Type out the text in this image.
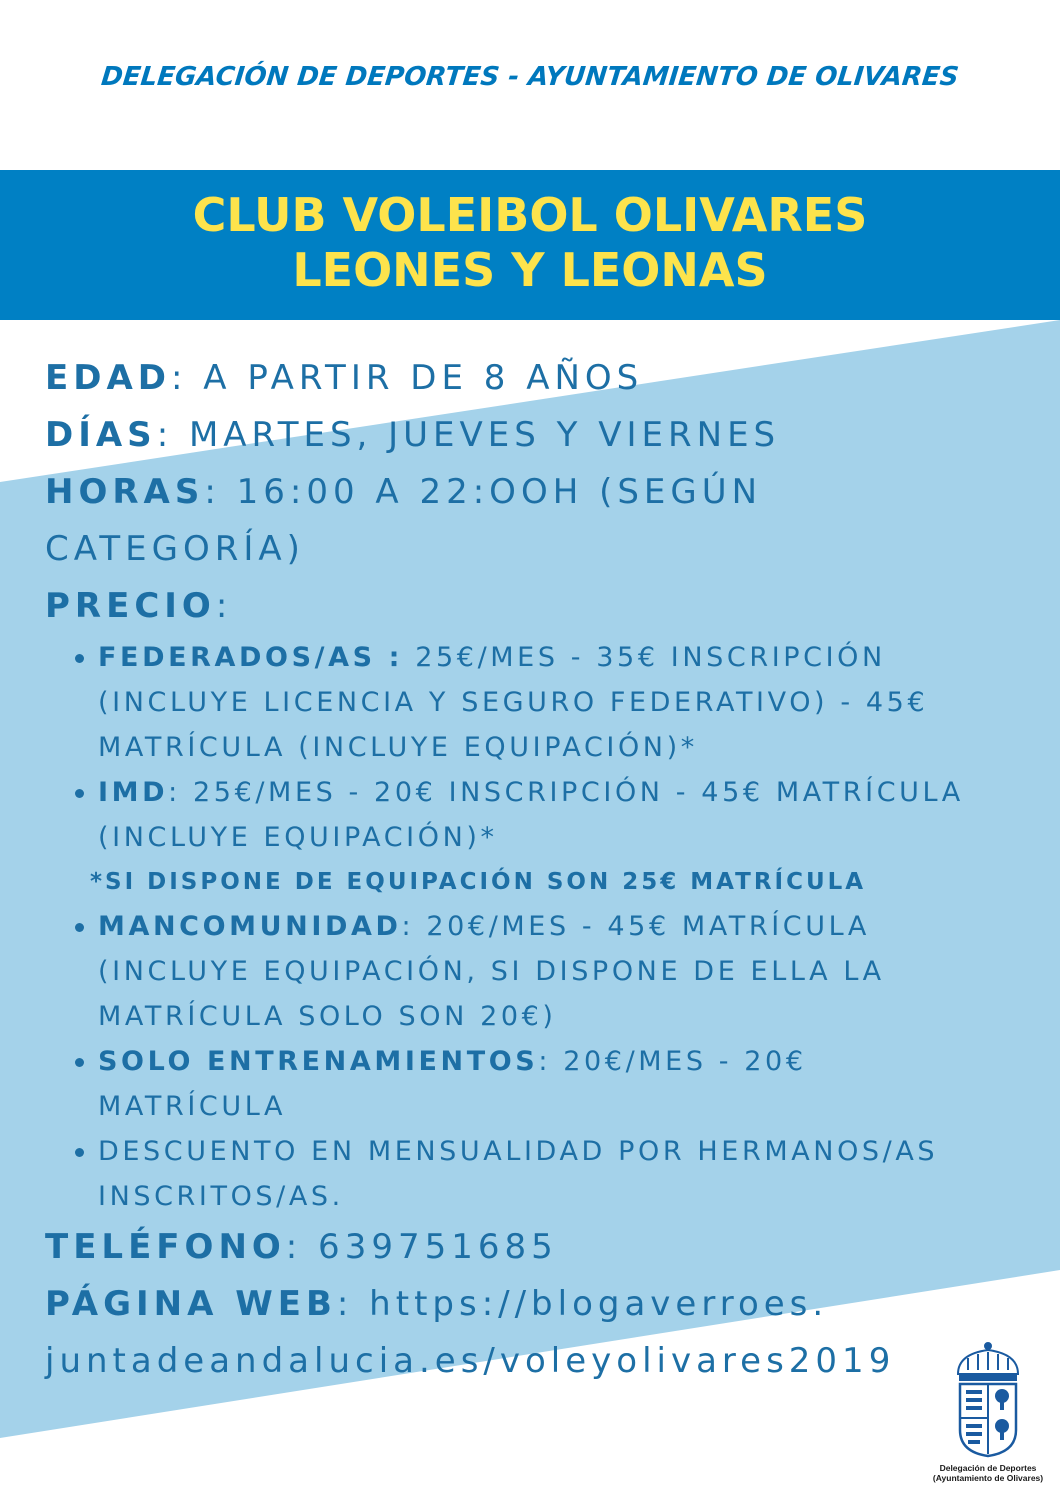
DELEGACIÓN DE DEPORTES - AYUNTAMIENTO DE OLIVARES
CLUB VOLEIBOL OLIVARES
LEONES Y LEONAS
EDAD: A PARTIR DE 8 AÑOS
DÍAS: MARTES, JUEVES Y VIERNES
HORAS: 16:00 A 22:OOH (SEGÚN CATEGORÍA)
PRECIO:
FEDERADOS/AS : 25€/MES - 35€ INSCRIPCIÓN (INCLUYE LICENCIA Y SEGURO FEDERATIVO) - 45€ MATRÍCULA (INCLUYE EQUIPACIÓN)*
IMD: 25€/MES - 20€ INSCRIPCIÓN - 45€ MATRÍCULA (INCLUYE EQUIPACIÓN)*
*SI DISPONE DE EQUIPACIÓN SON 25€ MATRÍCULA
MANCOMUNIDAD: 20€/MES - 45€ MATRÍCULA (INCLUYE EQUIPACIÓN, SI DISPONE DE ELLA LA MATRÍCULA SOLO SON 20€)
SOLO ENTRENAMIENTOS: 20€/MES - 20€ MATRÍCULA
DESCUENTO EN MENSUALIDAD POR HERMANOS/AS INSCRITOS/AS.
TELÉFONO: 639751685
PÁGINA WEB: https://blogaverroes.
juntadeandalucia.es/voleyolivares2019
Delegación de Deportes
(Ayuntamiento de Olivares)
